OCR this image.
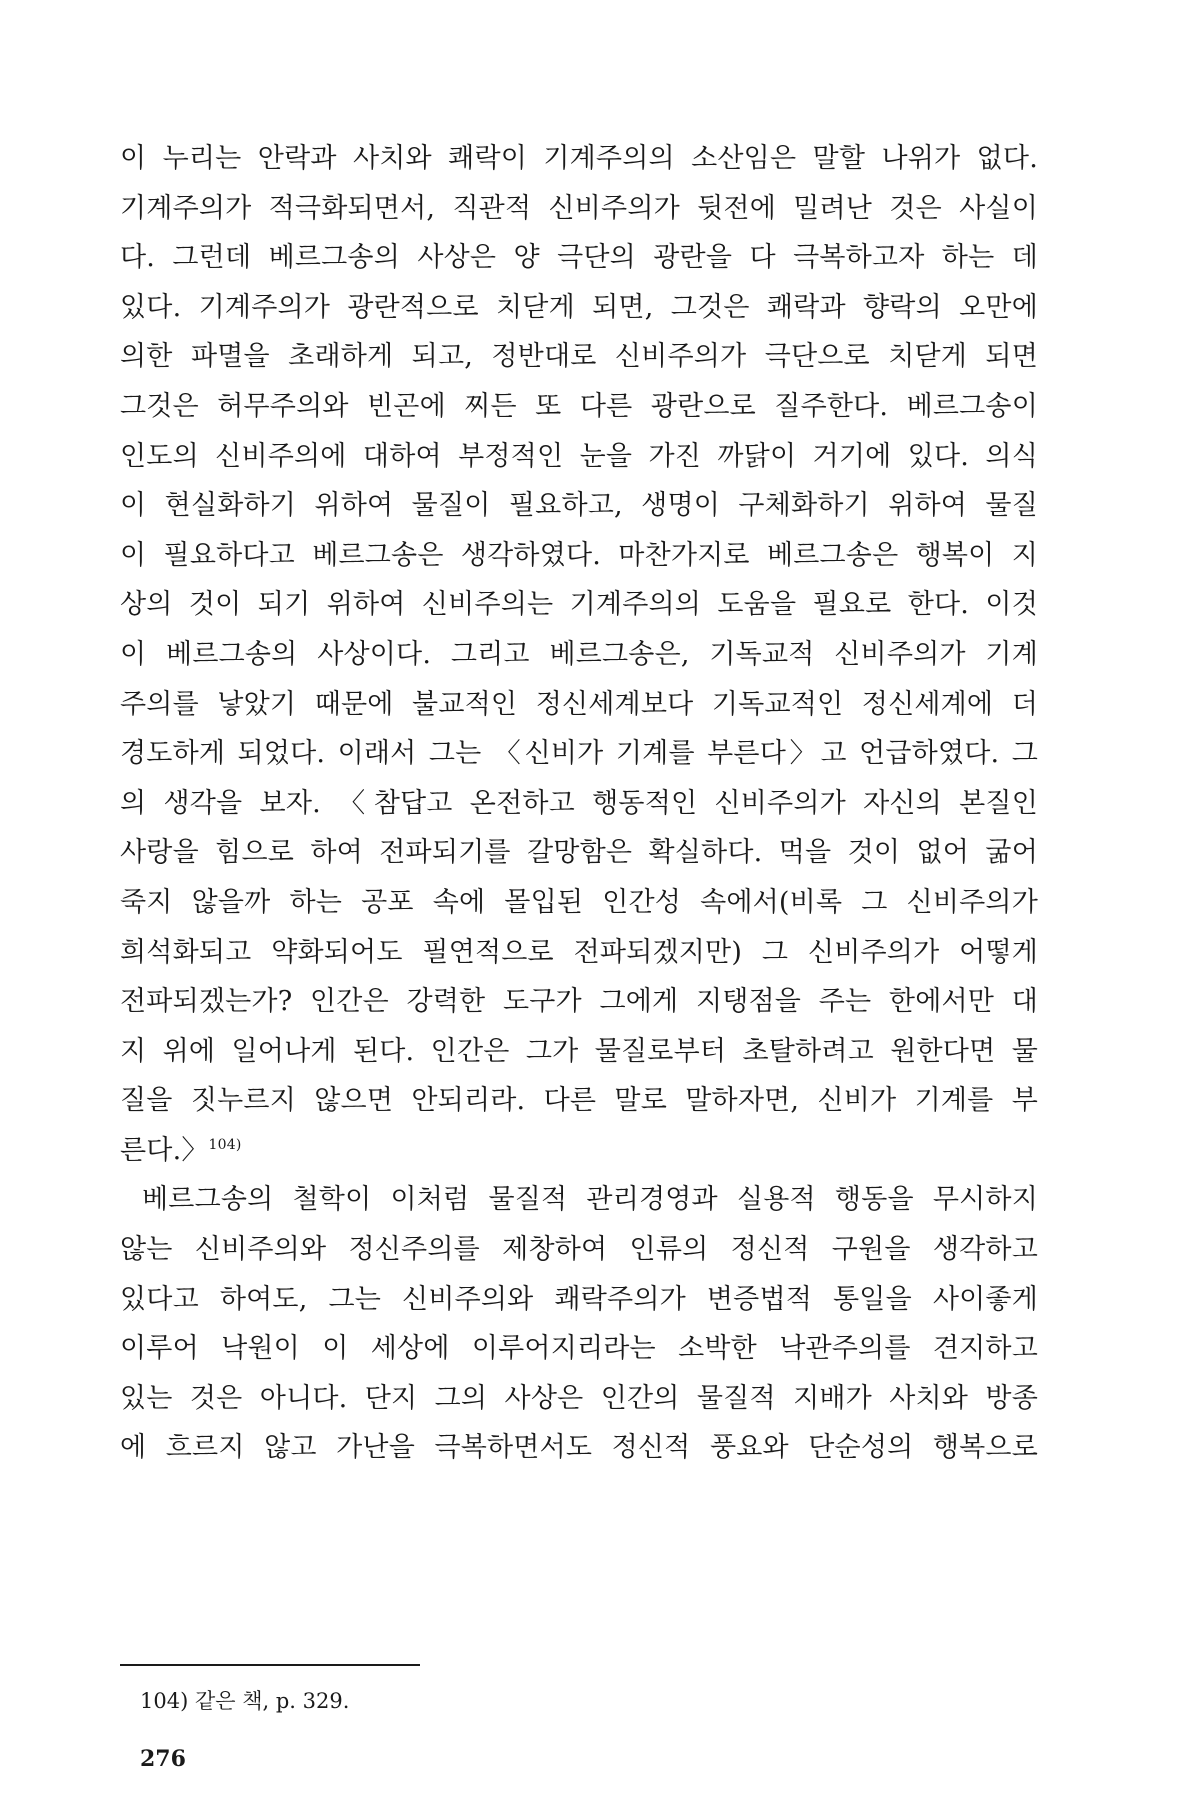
이 누리는 안락과 사치와 쾌락이 기계주의의 소산임은 말할 나위가 없다.
기계주의가 적극화되면서, 직관적 신비주의가 뒷전에 밀려난 것은 사실이
다. 그런데 베르그송의 사상은 양 극단의 광란을 다 극복하고자 하는 데
있다. 기계주의가 광란적으로 치닫게 되면, 그것은 쾌락과 향락의 오만에
의한 파멸을 초래하게 되고, 정반대로 신비주의가 극단으로 치닫게 되면
그것은 허무주의와 빈곤에 찌든 또 다른 광란으로 질주한다. 베르그송이
인도의 신비주의에 대하여 부정적인 눈을 가진 까닭이 거기에 있다. 의식
이 현실화하기 위하여 물질이 필요하고, 생명이 구체화하기 위하여 물질
이 필요하다고 베르그송은 생각하였다. 마찬가지로 베르그송은 행복이 지
상의 것이 되기 위하여 신비주의는 기계주의의 도움을 필요로 한다. 이것
이 베르그송의 사상이다. 그리고 베르그송은, 기독교적 신비주의가 기계
주의를 낳았기 때문에 불교적인 정신세계보다 기독교적인 정신세계에 더
경도하게 되었다. 이래서 그는 〈신비가 기계를 부른다〉고 언급하였다. 그
의 생각을 보자. 〈참답고 온전하고 행동적인 신비주의가 자신의 본질인
사랑을 힘으로 하여 전파되기를 갈망함은 확실하다. 먹을 것이 없어 굶어
죽지 않을까 하는 공포 속에 몰입된 인간성 속에서(비록 그 신비주의가
희석화되고 약화되어도 필연적으로 전파되겠지만) 그 신비주의가 어떻게
전파되겠는가? 인간은 강력한 도구가 그에게 지탱점을 주는 한에서만 대
지 위에 일어나게 된다. 인간은 그가 물질로부터 초탈하려고 원한다면 물
질을 짓누르지 않으면 안되리라. 다른 말로 말하자면, 신비가 기계를 부
른다.〉$^{104)}$
베르그송의 철학이 이처럼 물질적 관리경영과 실용적 행동을 무시하지
않는 신비주의와 정신주의를 제창하여 인류의 정신적 구원을 생각하고
있다고 하여도, 그는 신비주의와 쾌락주의가 변증법적 통일을 사이좋게
이루어 낙원이 이 세상에 이루어지리라는 소박한 낙관주의를 견지하고
있는 것은 아니다. 단지 그의 사상은 인간의 물질적 지배가 사치와 방종
에 흐르지 않고 가난을 극복하면서도 정신적 풍요와 단순성의 행복으로
104) 같은 책, p. 329.
276
